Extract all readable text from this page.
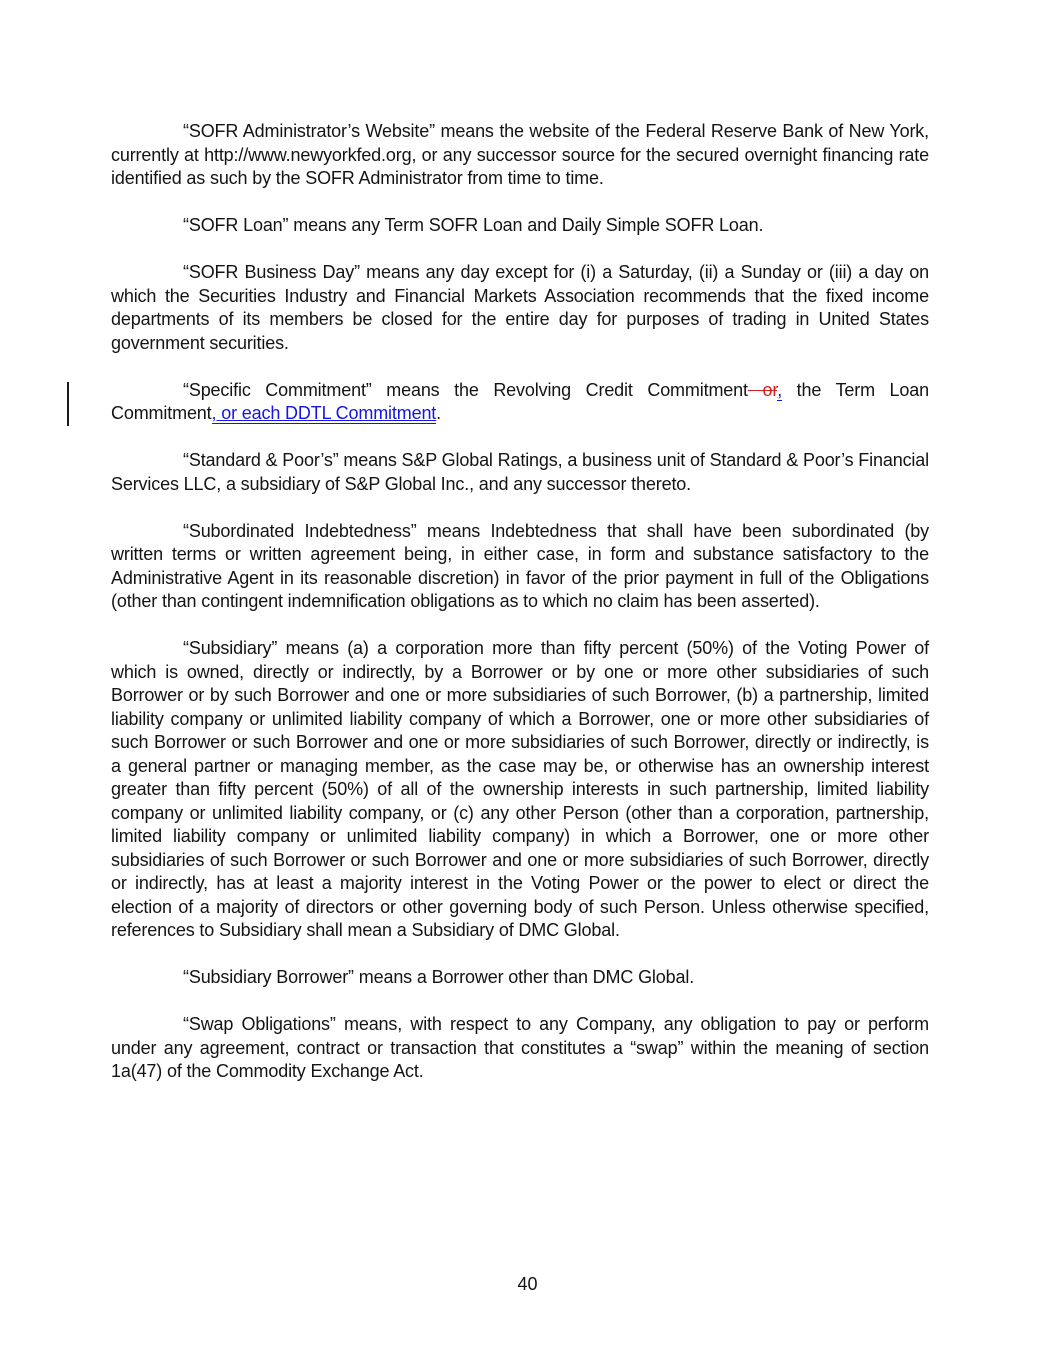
“SOFR Administrator’s Website” means the website of the Federal Reserve Bank of New York, currently at http://www.newyorkfed.org, or any successor source for the secured overnight financing rate identified as such by the SOFR Administrator from time to time.

“SOFR Loan” means any Term SOFR Loan and Daily Simple SOFR Loan.

“SOFR Business Day” means any day except for (i) a Saturday, (ii) a Sunday or (iii) a day on which the Securities Industry and Financial Markets Association recommends that the fixed income departments of its members be closed for the entire day for purposes of trading in United States government securities.

“Specific Commitment” means the Revolving Credit Commitment or, the Term Loan Commitment, or each DDTL Commitment.

“Standard & Poor’s” means S&P Global Ratings, a business unit of Standard & Poor’s Financial Services LLC, a subsidiary of S&P Global Inc., and any successor thereto.

“Subordinated Indebtedness” means Indebtedness that shall have been subordinated (by written terms or written agreement being, in either case, in form and substance satisfactory to the Administrative Agent in its reasonable discretion) in favor of the prior payment in full of the Obligations (other than contingent indemnification obligations as to which no claim has been asserted).

“Subsidiary” means (a) a corporation more than fifty percent (50%) of the Voting Power of which is owned, directly or indirectly, by a Borrower or by one or more other subsidiaries of such Borrower or by such Borrower and one or more subsidiaries of such Borrower, (b) a partnership, limited liability company or unlimited liability company of which a Borrower, one or more other subsidiaries of such Borrower or such Borrower and one or more subsidiaries of such Borrower, directly or indirectly, is a general partner or managing member, as the case may be, or otherwise has an ownership interest greater than fifty percent (50%) of all of the ownership interests in such partnership, limited liability company or unlimited liability company, or (c) any other Person (other than a corporation, partnership, limited liability company or unlimited liability company) in which a Borrower, one or more other subsidiaries of such Borrower or such Borrower and one or more subsidiaries of such Borrower, directly or indirectly, has at least a majority interest in the Voting Power or the power to elect or direct the election of a majority of directors or other governing body of such Person. Unless otherwise specified, references to Subsidiary shall mean a Subsidiary of DMC Global.

“Subsidiary Borrower” means a Borrower other than DMC Global.

“Swap Obligations” means, with respect to any Company, any obligation to pay or perform under any agreement, contract or transaction that constitutes a “swap” within the meaning of section 1a(47) of the Commodity Exchange Act.

40
